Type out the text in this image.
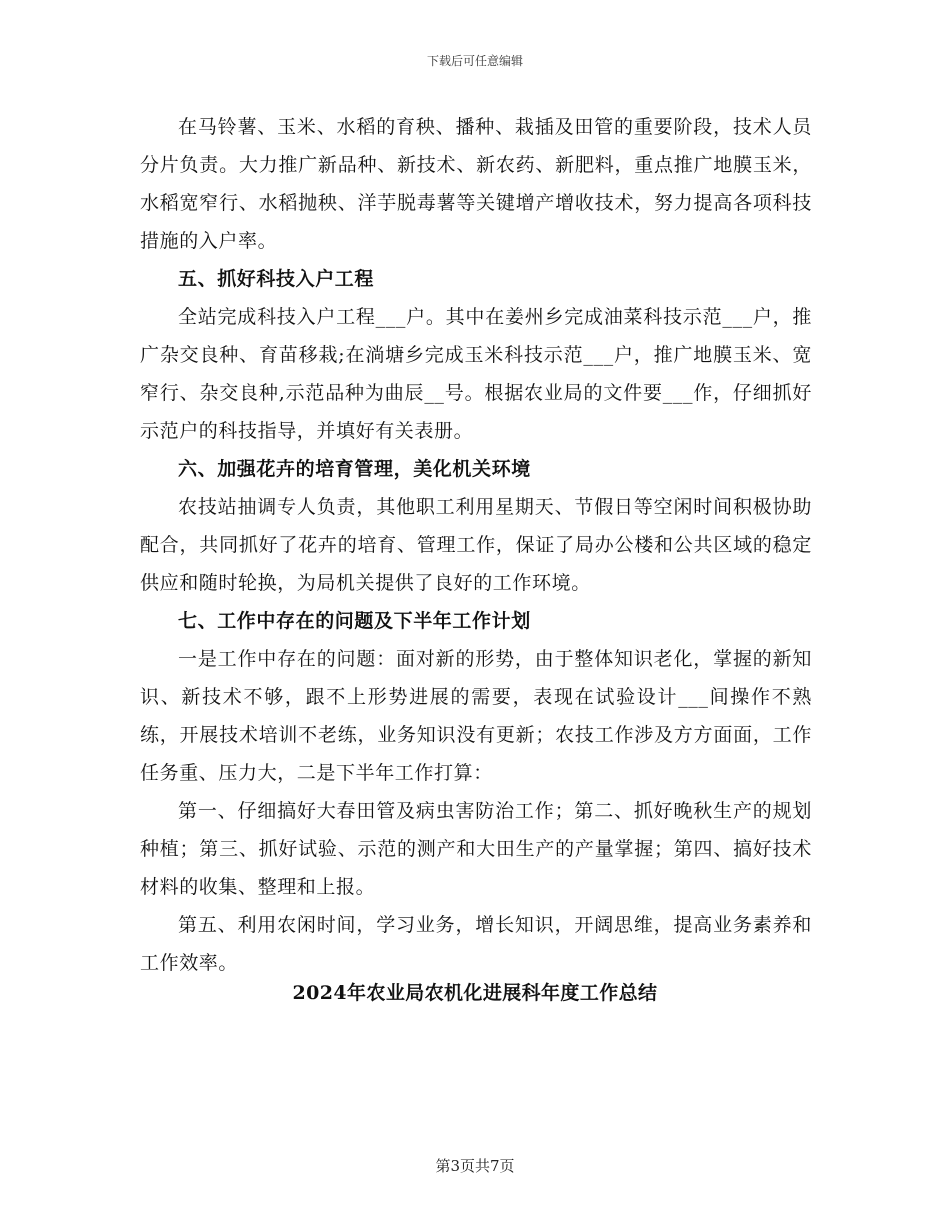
下载后可任意编辑

在马铃薯、玉米、水稻的育秧、播种、栽插及田管的重要阶段，技术人员分片负责。大力推广新品种、新技术、新农药、新肥料，重点推广地膜玉米，水稻宽窄行、水稻抛秧、洋芋脱毒薯等关键增产增收技术，努力提高各项科技措施的入户率。

五、抓好科技入户工程

全站完成科技入户工程___户。其中在姜州乡完成油菜科技示范___户，推广杂交良种、育苗移栽;在淌塘乡完成玉米科技示范___户，推广地膜玉米、宽窄行、杂交良种,示范品种为曲辰__号。根据农业局的文件要___作，仔细抓好示范户的科技指导，并填好有关表册。

六、加强花卉的培育管理，美化机关环境

农技站抽调专人负责，其他职工利用星期天、节假日等空闲时间积极协助配合，共同抓好了花卉的培育、管理工作，保证了局办公楼和公共区域的稳定供应和随时轮换，为局机关提供了良好的工作环境。

七、工作中存在的问题及下半年工作计划

一是工作中存在的问题：面对新的形势，由于整体知识老化，掌握的新知识、新技术不够，跟不上形势进展的需要，表现在试验设计___间操作不熟练，开展技术培训不老练，业务知识没有更新；农技工作涉及方方面面，工作任务重、压力大，二是下半年工作打算：

第一、仔细搞好大春田管及病虫害防治工作；第二、抓好晚秋生产的规划种植；第三、抓好试验、示范的测产和大田生产的产量掌握；第四、搞好技术材料的收集、整理和上报。

第五、利用农闲时间，学习业务，增长知识，开阔思维，提高业务素养和工作效率。

2024年农业局农机化进展科年度工作总结
第3页共7页
